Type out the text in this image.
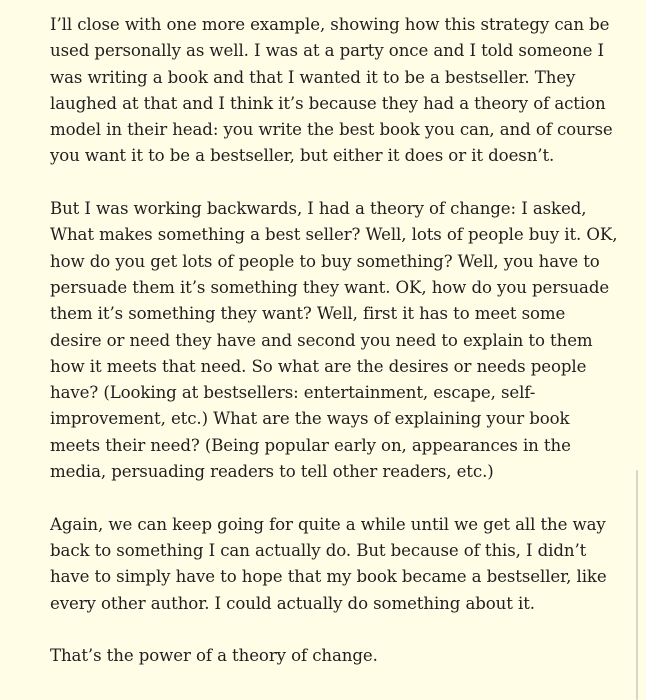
I’ll close with one more example, showing how this strategy can be
used personally as well. I was at a party once and I told someone I
was writing a book and that I wanted it to be a bestseller. They
laughed at that and I think it’s because they had a theory of action
model in their head: you write the best book you can, and of course
you want it to be a bestseller, but either it does or it doesn’t.

But I was working backwards, I had a theory of change: I asked,
What makes something a best seller? Well, lots of people buy it. OK,
how do you get lots of people to buy something? Well, you have to
persuade them it’s something they want. OK, how do you persuade
them it’s something they want? Well, first it has to meet some
desire or need they have and second you need to explain to them
how it meets that need. So what are the desires or needs people
have? (Looking at bestsellers: entertainment, escape, self-
improvement, etc.) What are the ways of explaining your book
meets their need? (Being popular early on, appearances in the
media, persuading readers to tell other readers, etc.)

Again, we can keep going for quite a while until we get all the way
back to something I can actually do. But because of this, I didn’t
have to simply have to hope that my book became a bestseller, like
every other author. I could actually do something about it.

That’s the power of a theory of change.
